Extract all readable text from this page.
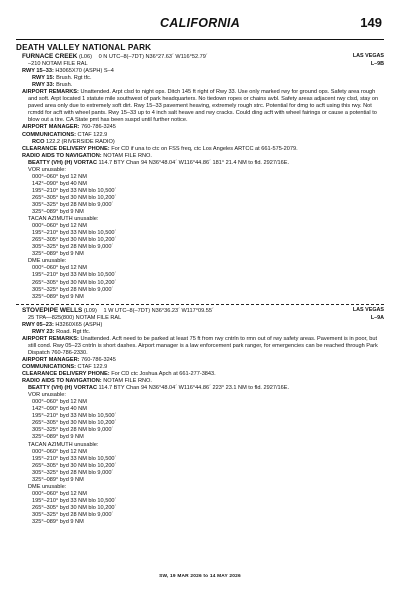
CALIFORNIA	149
DEATH VALLEY NATIONAL PARK
FURNACE CREEK (L06) 0 N UTC–8(–7DT) N36°27.63´ W116°52.79´	LAS VEGAS
–210 NOTAM FILE RAL	L–9B
RWY 15–33: H3065X70 (ASPH) S–4
RWY 15: Brush. Rgt tfc.
RWY 33: Brush.
AIRPORT REMARKS: Unattended. Arpt clsd to night ops. Ditch 145 ft right of Rwy 33. Use only marked rwy for ground ops. Safety area rough and soft. Arpt located 1 statute mile southwest of park headquarters. No tiedown ropes or chains avbl. Safety areas adjacent rwy clsd, stay on paved area only due to extremely soft dirt. Rwy 15–33 pavement heaving, extremely rough strc. Potential for dmg to acft using this rwy. Not rcmdd for acft with wheel pants. Rwy 15–33 up to 4 inch salt heave and rwy cracks. Could ding acft with wheel fairings or cause a potential to blow out a tire. CA State pmt has been suspd until further notice.
AIRPORT MANAGER: 760-786-3245
COMMUNICATIONS: CTAF 122.9
RCO 122.2 (RIVERSIDE RADIO)
CLEARANCE DELIVERY PHONE: For CD if una to ctc on FSS freq, ctc Los Angeles ARTCC at 661-575-2079.
RADIO AIDS TO NAVIGATION: NOTAM FILE RNO.
BEATTY (VH) (H) VORTAC 114.7 BTY Chan 94 N36°48.04´ W116°44.86´ 181° 21.4 NM to fld. 2927/16E.
VOR unusable:
000°–060° byd 12 NM
142°–090° byd 40 NM
195°–210° byd 33 NM blo 10,500´
265°–305° byd 30 NM blo 10,200´
305°–325° byd 28 NM blo 9,000´
325°–089° byd 9 NM
TACAN AZIMUTH unusable:
000°–060° byd 12 NM
195°–210° byd 33 NM blo 10,500´
265°–305° byd 30 NM blo 10,200´
305°–325° byd 28 NM blo 9,000´
325°–089° byd 9 NM
DME unusable:
000°–060° byd 12 NM
195°–210° byd 33 NM blo 10,500´
265°–305° byd 30 NM blo 10,200´
305°–325° byd 28 NM blo 9,000´
325°–089° byd 9 NM
STOVEPIPE WELLS (L09) 1 W UTC–8(–7DT) N36°36.23´ W117°09.55´	LAS VEGAS
25 TPA—825(800) NOTAM FILE RAL	L–9A
RWY 05–23: H3260X65 (ASPH)
RWY 23: Road. Rgt tfc.
AIRPORT REMARKS: Unattended. Acft need to be parked at least 75 ft from rwy cntrln to rmn out of rwy safety areas. Pavement is in poor, but still cond. Rwy 05–23 cntrln is short dashes. Airport manager is a law enforcement park ranger, for emergencies can be reached through Park Dispatch 760-786-2330.
AIRPORT MANAGER: 760-786-3245
COMMUNICATIONS: CTAF 122.9
CLEARANCE DELIVERY PHONE: For CD ctc Joshua Apch at 661-277-3843.
RADIO AIDS TO NAVIGATION: NOTAM FILE RNO.
BEATTY (VH) (H) VORTAC 114.7 BTY Chan 94 N36°48.04´ W116°44.86´ 223° 23.1 NM to fld. 2927/16E.
VOR unusable:
000°–060° byd 12 NM
142°–090° byd 40 NM
195°–210° byd 33 NM blo 10,500´
265°–305° byd 30 NM blo 10,200´
305°–325° byd 28 NM blo 9,000´
325°–089° byd 9 NM
TACAN AZIMUTH unusable:
000°–060° byd 12 NM
195°–210° byd 33 NM blo 10,500´
265°–305° byd 30 NM blo 10,200´
305°–325° byd 28 NM blo 9,000´
325°–089° byd 9 NM
DME unusable:
000°–060° byd 12 NM
195°–210° byd 33 NM blo 10,500´
265°–305° byd 30 NM blo 10,200´
305°–325° byd 28 NM blo 9,000´
325°–089° byd 9 NM
SW, 19 MAR 2026 to 14 MAY 2026
